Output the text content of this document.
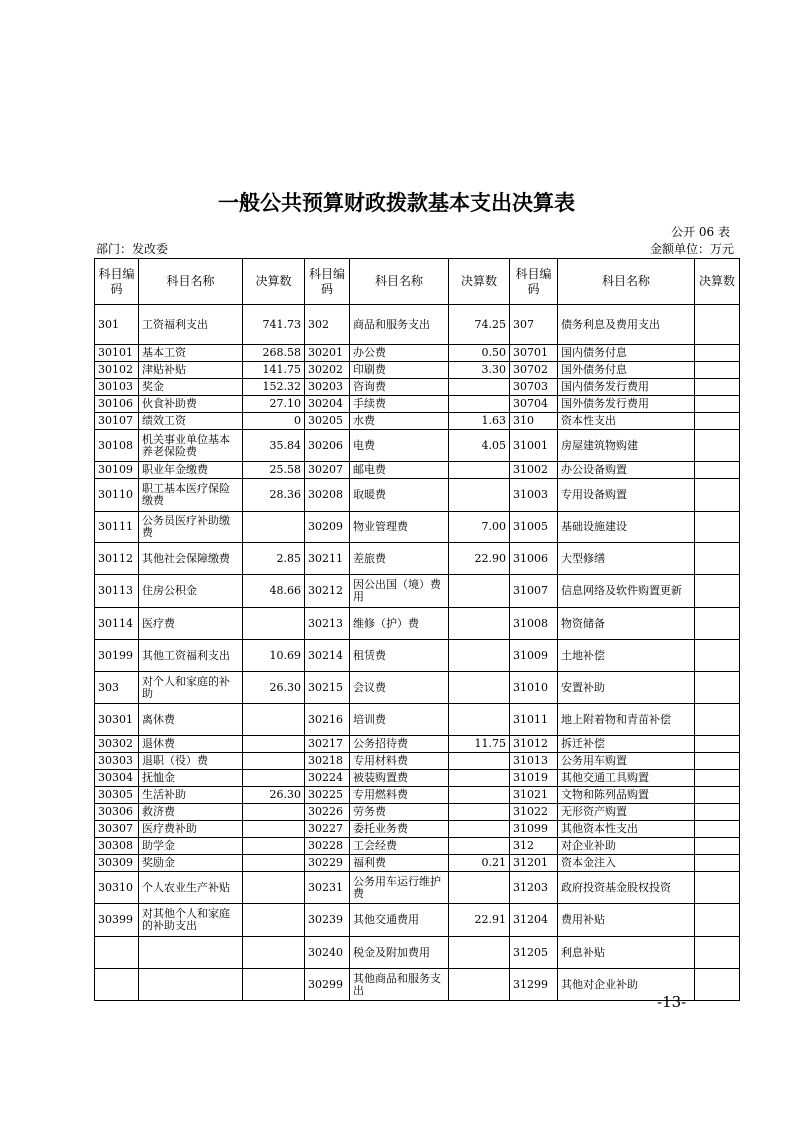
一般公共预算财政拨款基本支出决算表
公开 06 表
部门：发改委	金额单位：万元
科目编码	科目名称	决算数	科目编码	科目名称	决算数	科目编码	科目名称	决算数
301	工资福利支出	741.73	302	商品和服务支出	74.25	307	债务利息及费用支出	
30101	基本工资	268.58	30201	办公费	0.50	30701	国内债务付息	
30102	津贴补贴	141.75	30202	印刷费	3.30	30702	国外债务付息	
30103	奖金	152.32	30203	咨询费		30703	国内债务发行费用	
30106	伙食补助费	27.10	30204	手续费		30704	国外债务发行费用	
30107	绩效工资	0	30205	水费	1.63	310	资本性支出	
30108	机关事业单位基本养老保险费	35.84	30206	电费	4.05	31001	房屋建筑物购建	
30109	职业年金缴费	25.58	30207	邮电费		31002	办公设备购置	
30110	职工基本医疗保险缴费	28.36	30208	取暖费		31003	专用设备购置	
30111	公务员医疗补助缴费		30209	物业管理费	7.00	31005	基础设施建设	
30112	其他社会保障缴费	2.85	30211	差旅费	22.90	31006	大型修缮	
30113	住房公积金	48.66	30212	因公出国（境）费用		31007	信息网络及软件购置更新	
30114	医疗费		30213	维修（护）费		31008	物资储备	
30199	其他工资福利支出	10.69	30214	租赁费		31009	土地补偿	
303	对个人和家庭的补助	26.30	30215	会议费		31010	安置补助	
30301	离休费		30216	培训费		31011	地上附着物和青苗补偿	
30302	退休费		30217	公务招待费	11.75	31012	拆迁补偿	
30303	退职（役）费		30218	专用材料费		31013	公务用车购置	
30304	抚恤金		30224	被装购置费		31019	其他交通工具购置	
30305	生活补助	26.30	30225	专用燃料费		31021	文物和陈列品购置	
30306	救济费		30226	劳务费		31022	无形资产购置	
30307	医疗费补助		30227	委托业务费		31099	其他资本性支出	
30308	助学金		30228	工会经费		312	对企业补助	
30309	奖励金		30229	福利费	0.21	31201	资本金注入	
30310	个人农业生产补贴		30231	公务用车运行维护费		31203	政府投资基金股权投资	
30399	对其他个人和家庭的补助支出		30239	其他交通费用	22.91	31204	费用补贴	
			30240	税金及附加费用		31205	利息补贴	
			30299	其他商品和服务支出		31299	其他对企业补助	
-13-
